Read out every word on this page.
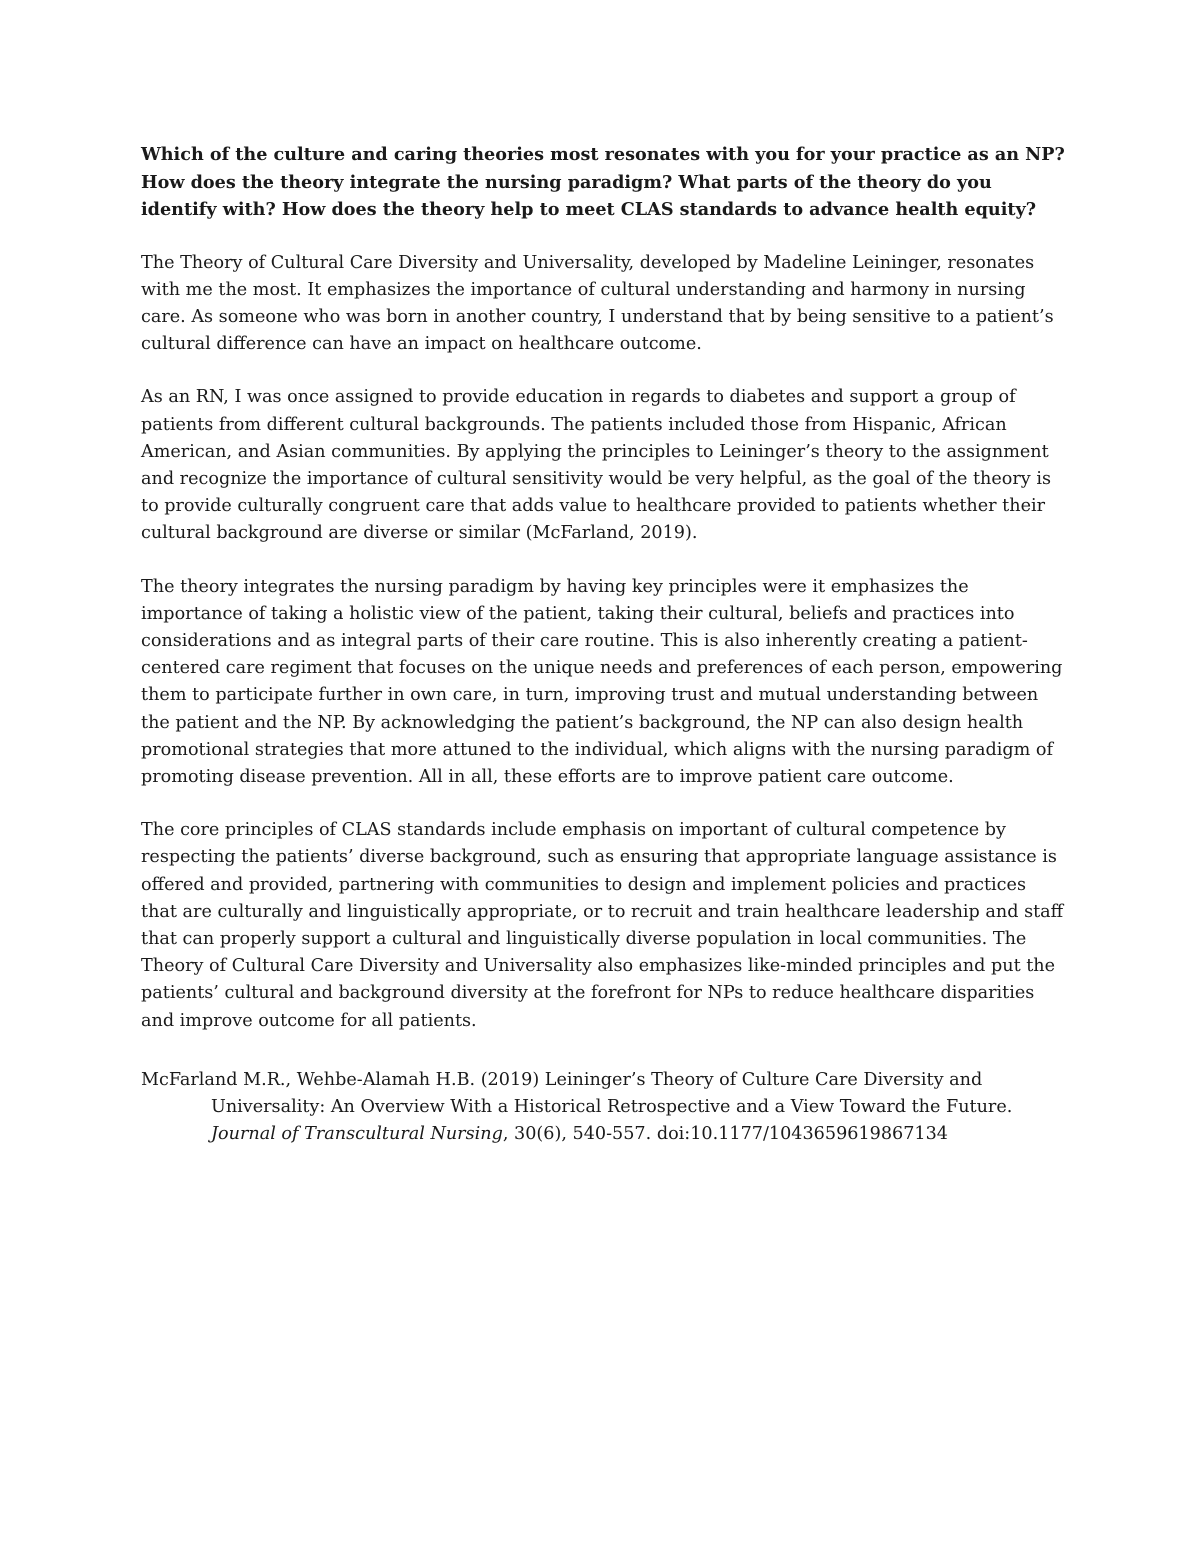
Which of the culture and caring theories most resonates with you for your practice as an NP? How does the theory integrate the nursing paradigm? What parts of the theory do you identify with? How does the theory help to meet CLAS standards to advance health equity?

The Theory of Cultural Care Diversity and Universality, developed by Madeline Leininger, resonates with me the most. It emphasizes the importance of cultural understanding and harmony in nursing care. As someone who was born in another country, I understand that by being sensitive to a patient’s cultural difference can have an impact on healthcare outcome.

As an RN, I was once assigned to provide education in regards to diabetes and support a group of patients from different cultural backgrounds. The patients included those from Hispanic, African American, and Asian communities. By applying the principles to Leininger’s theory to the assignment and recognize the importance of cultural sensitivity would be very helpful, as the goal of the theory is to provide culturally congruent care that adds value to healthcare provided to patients whether their cultural background are diverse or similar (McFarland, 2019).

The theory integrates the nursing paradigm by having key principles were it emphasizes the importance of taking a holistic view of the patient, taking their cultural, beliefs and practices into considerations and as integral parts of their care routine. This is also inherently creating a patient-centered care regiment that focuses on the unique needs and preferences of each person, empowering them to participate further in own care, in turn, improving trust and mutual understanding between the patient and the NP. By acknowledging the patient’s background, the NP can also design health promotional strategies that more attuned to the individual, which aligns with the nursing paradigm of promoting disease prevention. All in all, these efforts are to improve patient care outcome.

The core principles of CLAS standards include emphasis on important of cultural competence by respecting the patients’ diverse background, such as ensuring that appropriate language assistance is offered and provided, partnering with communities to design and implement policies and practices that are culturally and linguistically appropriate, or to recruit and train healthcare leadership and staff that can properly support a cultural and linguistically diverse population in local communities. The Theory of Cultural Care Diversity and Universality also emphasizes like-minded principles and put the patients’ cultural and background diversity at the forefront for NPs to reduce healthcare disparities and improve outcome for all patients.

McFarland M.R., Wehbe-Alamah H.B. (2019) Leininger’s Theory of Culture Care Diversity and Universality: An Overview With a Historical Retrospective and a View Toward the Future. Journal of Transcultural Nursing, 30(6), 540-557. doi:10.1177/1043659619867134
